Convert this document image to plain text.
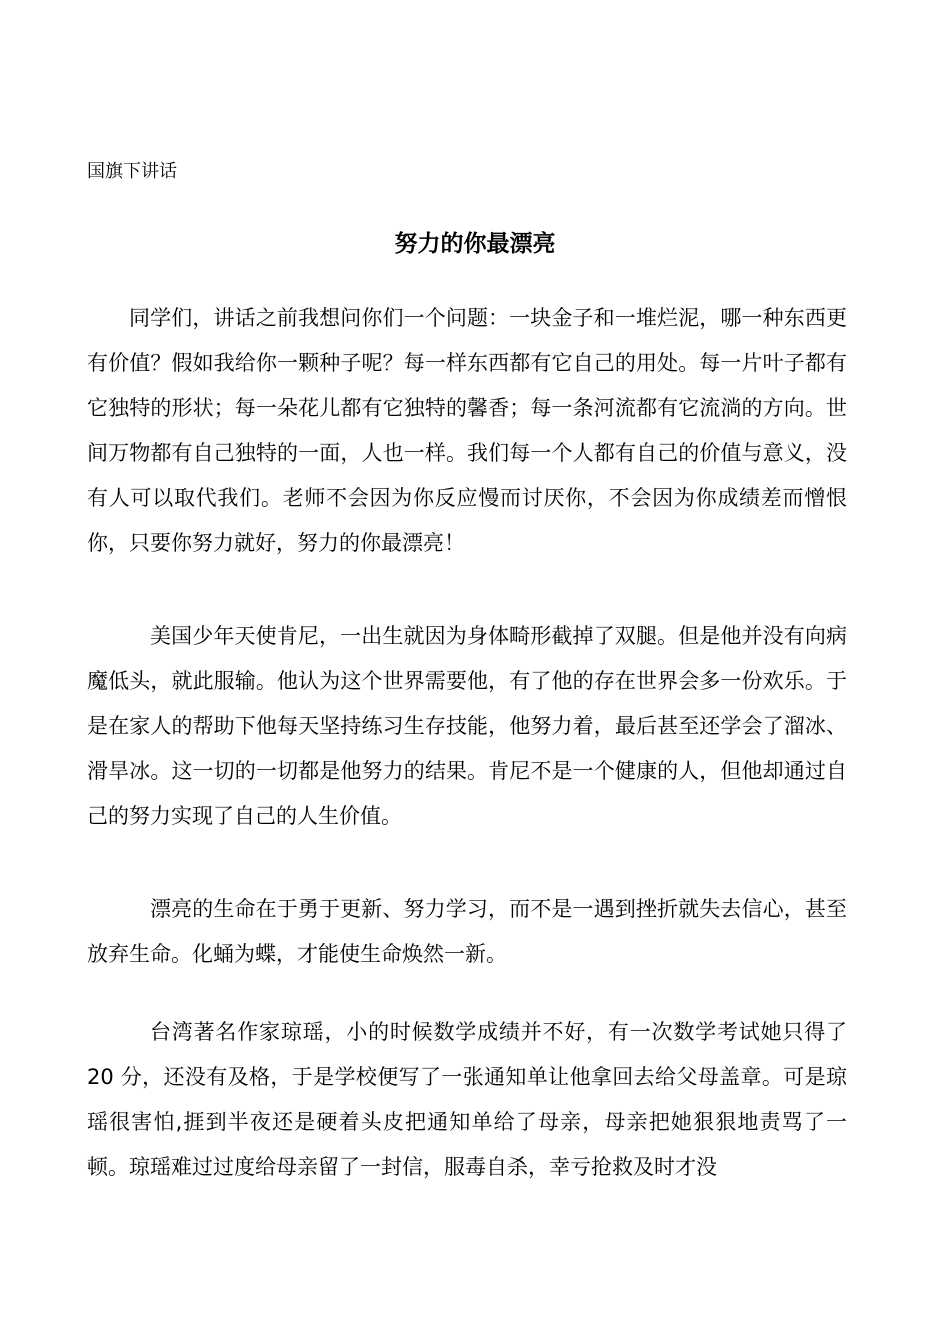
国旗下讲话
努力的你最漂亮

同学们，讲话之前我想问你们一个问题：一块金子和一堆烂泥，哪一种东西更有价值？假如我给你一颗种子呢？每一样东西都有它自己的用处。每一片叶子都有它独特的形状；每一朵花儿都有它独特的馨香；每一条河流都有它流淌的方向。世间万物都有自己独特的一面，人也一样。我们每一个人都有自己的价值与意义，没有人可以取代我们。老师不会因为你反应慢而讨厌你，不会因为你成绩差而憎恨你，只要你努力就好，努力的你最漂亮！

美国少年天使肯尼，一出生就因为身体畸形截掉了双腿。但是他并没有向病魔低头，就此服输。他认为这个世界需要他，有了他的存在世界会多一份欢乐。于是在家人的帮助下他每天坚持练习生存技能，他努力着，最后甚至还学会了溜冰、滑旱冰。这一切的一切都是他努力的结果。肯尼不是一个健康的人，但他却通过自己的努力实现了自己的人生价值。

漂亮的生命在于勇于更新、努力学习，而不是一遇到挫折就失去信心，甚至放弃生命。化蛹为蝶，才能使生命焕然一新。

台湾著名作家琼瑶，小的时候数学成绩并不好，有一次数学考试她只得了 20 分，还没有及格，于是学校便写了一张通知单让他拿回去给父母盖章。可是琼瑶很害怕,捱到半夜还是硬着头皮把通知单给了母亲，母亲把她狠狠地责骂了一顿。琼瑶难过过度给母亲留了一封信，服毒自杀，幸亏抢救及时才没
